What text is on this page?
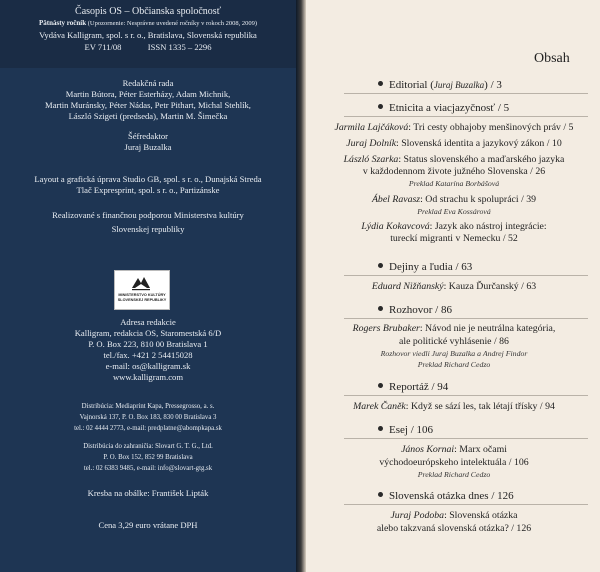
Časopis OS – Občianska spoločnosť
Pätnásty ročník (Upozornenie: Nesprávne uvedené ročníky v rokoch 2008, 2009)
Vydáva Kalligram, spol. s r. o., Bratislava, Slovenská republika
EV 711/08	ISSN 1335 – 2296
Redakčná rada
Martin Bútora, Péter Esterházy, Adam Michnik,
Martin Muránsky, Péter Nádas, Petr Pithart, Michal Stehlík,
László Szigeti (predseda), Martin M. Šimečka
Šéfredaktor
Juraj Buzalka
Layout a grafická úprava Studio GB, spol. s r. o., Dunajská Streda
Tlač Expresprint, spol. s r. o., Partizánske
Realizované s finančnou podporou Ministerstva kultúry
Slovenskej republiky
MINISTERSTVO KULTÚRY
SLOVENSKEJ REPUBLIKY
Adresa redakcie
Kalligram, redakcia OS, Staromestská 6/D
P. O. Box 223, 810 00 Bratislava 1
tel./fax. +421 2 54415028
e-mail: os@kalligram.sk
www.kalligram.com
Distribúcia: Mediaprint Kapa, Pressegrosso, a. s.
Vajnorská 137, P. O. Box 183, 830 00 Bratislava 3
tel.: 02 4444 2773, e-mail: predplatne@abompkapa.sk
Distribúcia do zahraničia: Slovart G. T. G., Ltd.
P. O. Box 152, 852 99 Bratislava
tel.: 02 6383 9485, e-mail: info@slovart-gtg.sk
Kresba na obálke: František Lipták
Cena 3,29 euro vrátane DPH
Obsah
Editorial (Juraj Buzalka) / 3
Etnicita a viacjazyčnosť / 5
Jarmila Lajčáková: Tri cesty obhajoby menšinových práv / 5
Juraj Dolník: Slovenská identita a jazykový zákon / 10
László Szarka: Status slovenského a maďarského jazyka
v každodennom živote južného Slovenska / 26
Preklad Katarína Borbášová
Ábel Ravasz: Od strachu k spolupráci / 39
Preklad Eva Kossárová
Lýdia Kokavcová: Jazyk ako nástroj integrácie:
tureckí migranti v Nemecku / 52
Dejiny a ľudia / 63
Eduard Nižňanský: Kauza Ďurčanský / 63
Rozhovor / 86
Rogers Brubaker: Návod nie je neutrálna kategória,
ale politické vyhlásenie / 86
Rozhovor viedli Juraj Buzalka a Andrej Findor
Preklad Richard Cedzo
Reportáž / 94
Marek Čaněk: Když se sází les, tak létají třísky / 94
Esej / 106
János Kornai: Marx očami
východoeurópskeho intelektuála / 106
Preklad Richard Cedzo
Slovenská otázka dnes / 126
Juraj Podoba: Slovenská otázka
alebo takzvaná slovenská otázka? / 126
